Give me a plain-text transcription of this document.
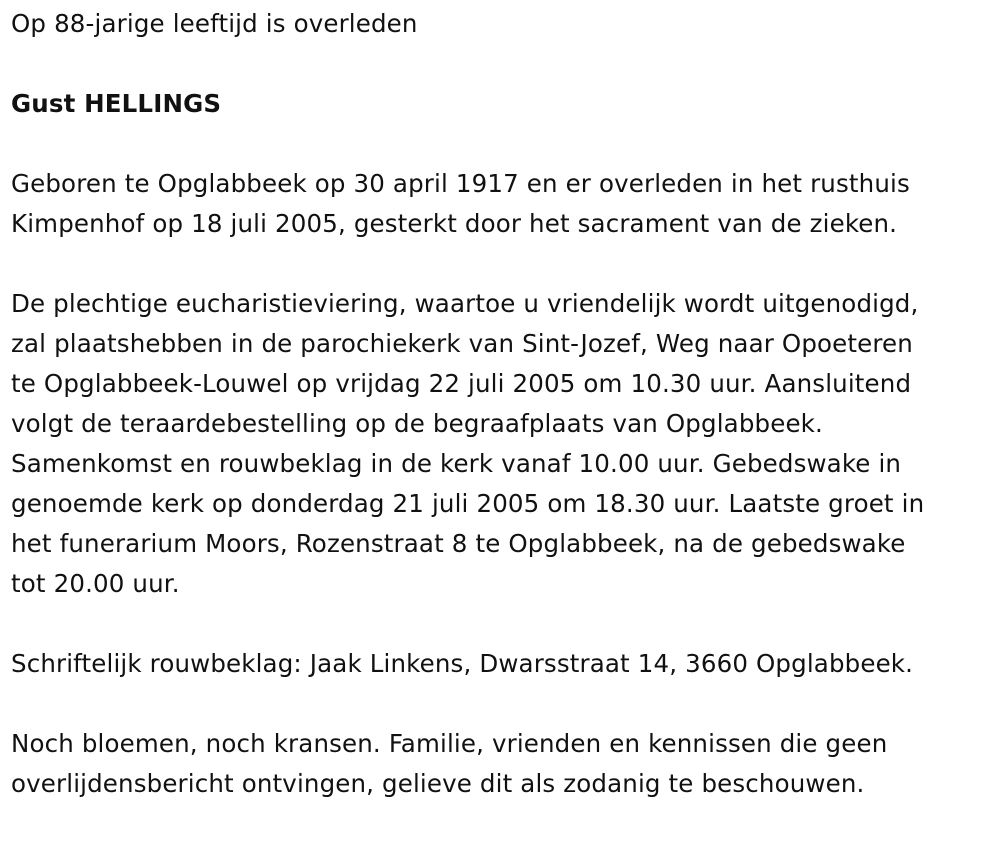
Op 88-jarige leeftijd is overleden

Gust HELLINGS

Geboren te Opglabbeek op 30 april 1917 en er overleden in het rusthuis
Kimpenhof op 18 juli 2005, gesterkt door het sacrament van de zieken.

De plechtige eucharistieviering, waartoe u vriendelijk wordt uitgenodigd,
zal plaatshebben in de parochiekerk van Sint-Jozef, Weg naar Opoeteren
te Opglabbeek-Louwel op vrijdag 22 juli 2005 om 10.30 uur. Aansluitend
volgt de teraardebestelling op de begraafplaats van Opglabbeek.
Samenkomst en rouwbeklag in de kerk vanaf 10.00 uur. Gebedswake in
genoemde kerk op donderdag 21 juli 2005 om 18.30 uur. Laatste groet in
het funerarium Moors, Rozenstraat 8 te Opglabbeek, na de gebedswake
tot 20.00 uur.

Schriftelijk rouwbeklag: Jaak Linkens, Dwarsstraat 14, 3660 Opglabbeek.

Noch bloemen, noch kransen. Familie, vrienden en kennissen die geen
overlijdensbericht ontvingen, gelieve dit als zodanig te beschouwen.
